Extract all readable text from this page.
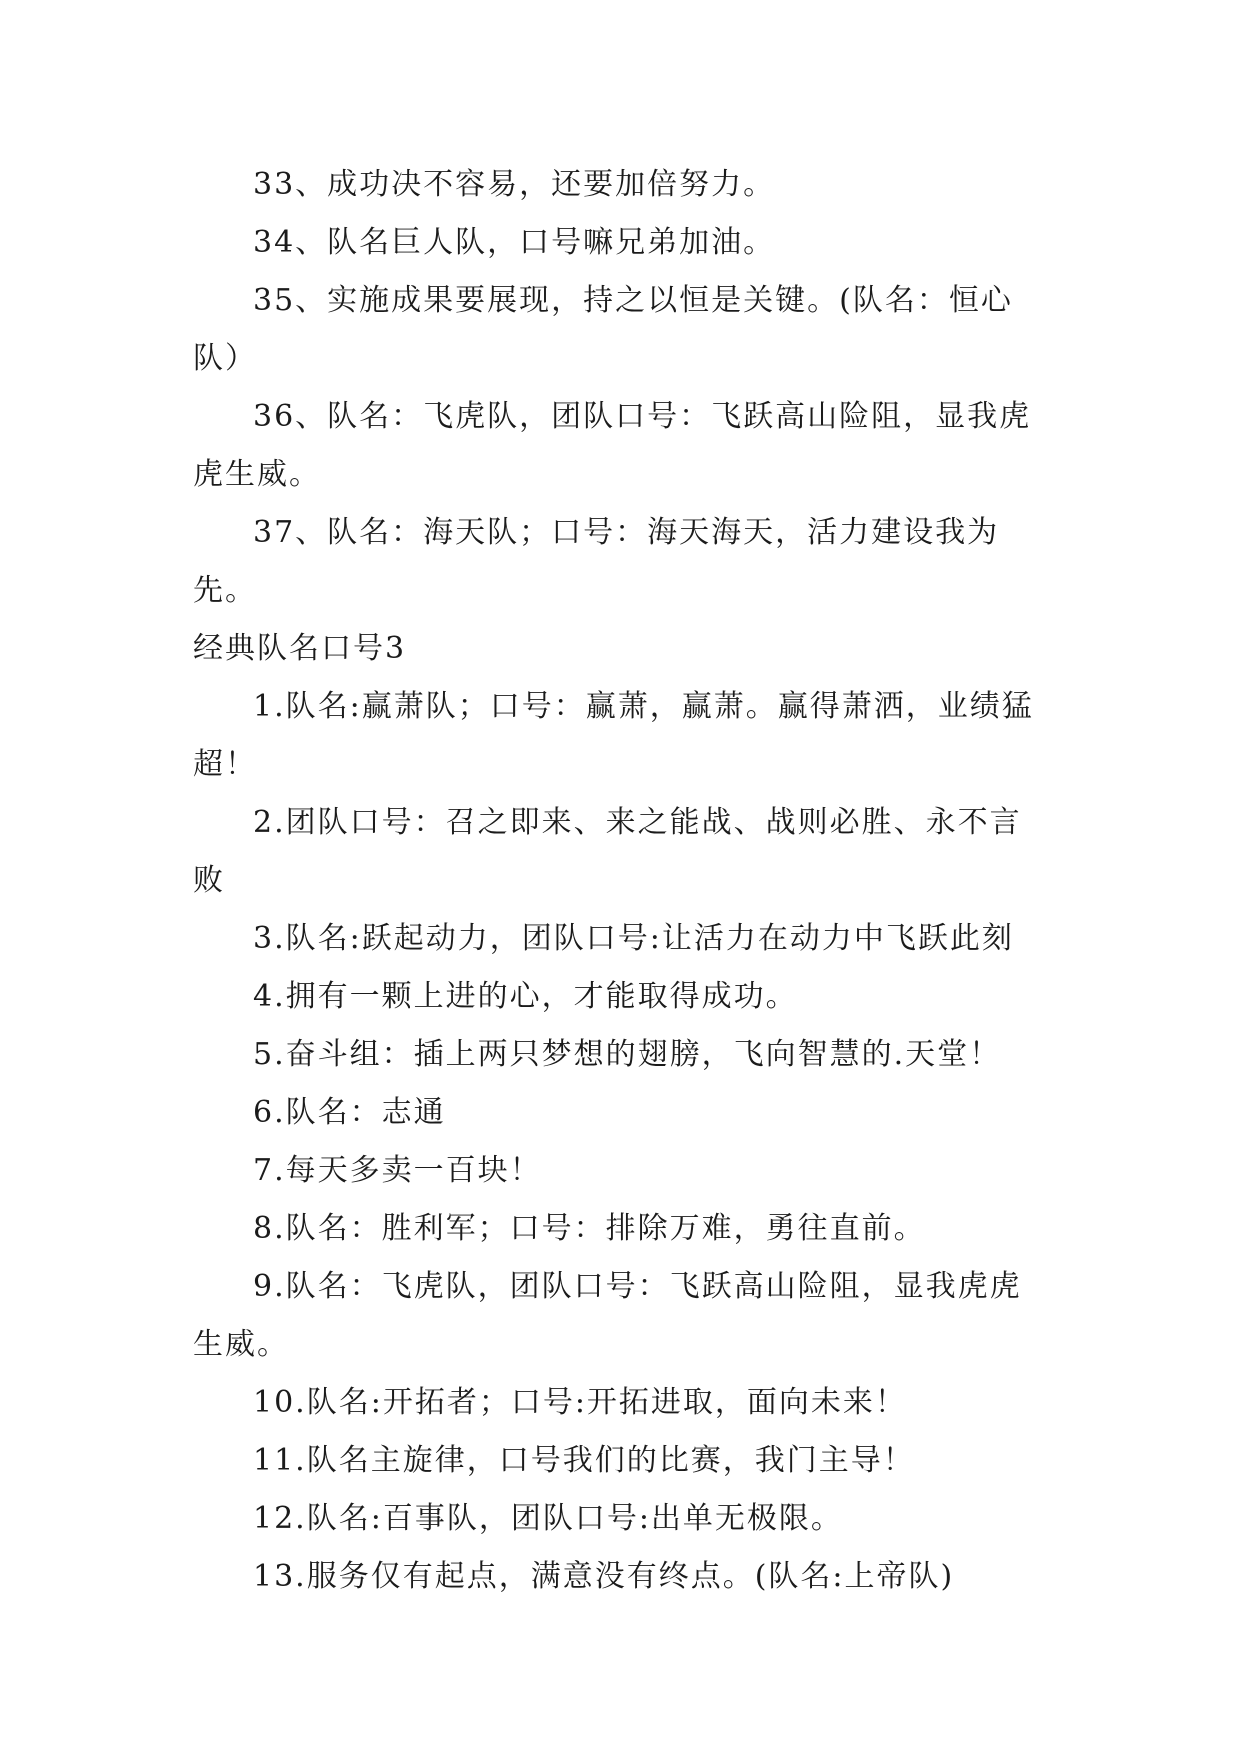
33、成功决不容易，还要加倍努力。

34、队名巨人队，口号嘛兄弟加油。

35、实施成果要展现，持之以恒是关键。(队名：恒心队）

36、队名：飞虎队，团队口号：飞跃高山险阻，显我虎虎生威。

37、队名：海天队；口号：海天海天，活力建设我为先。

经典队名口号3

1.队名:赢萧队；口号：赢萧，赢萧。赢得萧洒，业绩猛超！

2.团队口号：召之即来、来之能战、战则必胜、永不言败

3.队名:跃起动力，团队口号:让活力在动力中飞跃此刻

4.拥有一颗上进的心，才能取得成功。

5.奋斗组：插上两只梦想的翅膀，飞向智慧的.天堂！

6.队名：志通

7.每天多卖一百块！

8.队名：胜利军；口号：排除万难，勇往直前。

9.队名：飞虎队，团队口号：飞跃高山险阻，显我虎虎生威。

10.队名:开拓者；口号:开拓进取，面向未来！

11.队名主旋律，口号我们的比赛，我门主导！

12.队名:百事队，团队口号:出单无极限。

13.服务仅有起点，满意没有终点。(队名:上帝队)
